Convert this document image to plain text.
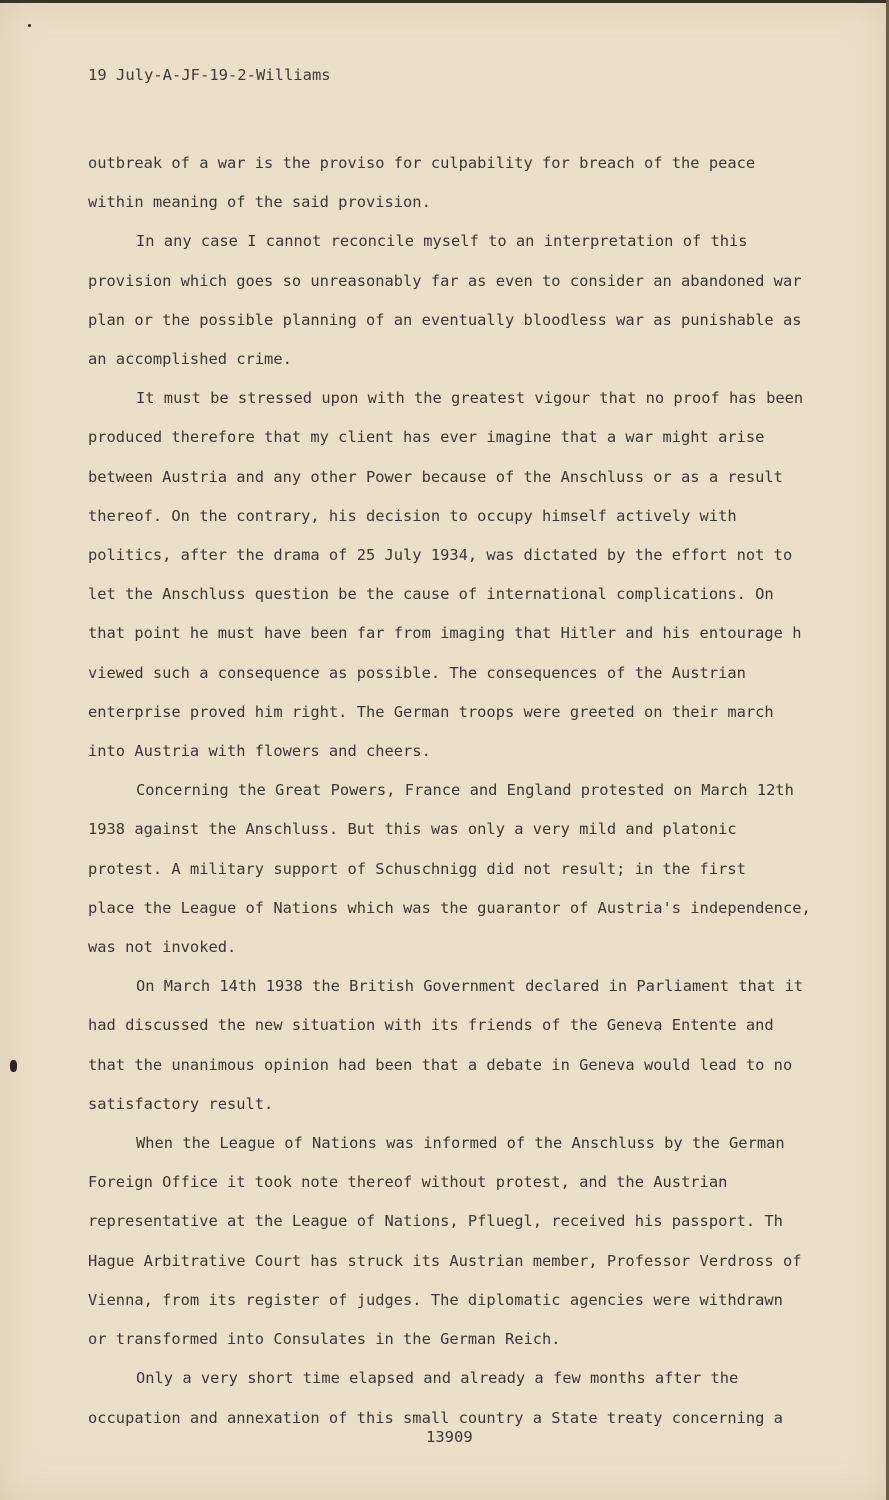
19 July-A-JF-19-2-Williams

outbreak of a war is the proviso for culpability for breach of the peace
within meaning of the said provision.

In any case I cannot reconcile myself to an interpretation of this
provision which goes so unreasonably far as even to consider an abandoned war
plan or the possible planning of an eventually bloodless war as punishable as
an accomplished crime.

It must be stressed upon with the greatest vigour that no proof has been
produced therefore that my client has ever imagine that a war might arise
between Austria and any other Power because of the Anschluss or as a result
thereof. On the contrary, his decision to occupy himself actively with
politics, after the drama of 25 July 1934, was dictated by the effort not to
let the Anschluss question be the cause of international complications. On
that point he must have been far from imaging that Hitler and his entourage h
viewed such a consequence as possible. The consequences of the Austrian
enterprise proved him right. The German troops were greeted on their march
into Austria with flowers and cheers.

Concerning the Great Powers, France and England protested on March 12th
1938 against the Anschluss. But this was only a very mild and platonic
protest. A military support of Schuschnigg did not result; in the first
place the League of Nations which was the guarantor of Austria's independence,
was not invoked.

On March 14th 1938 the British Government declared in Parliament that it
had discussed the new situation with its friends of the Geneva Entente and
that the unanimous opinion had been that a debate in Geneva would lead to no
satisfactory result.

When the League of Nations was informed of the Anschluss by the German
Foreign Office it took note thereof without protest, and the Austrian
representative at the League of Nations, Pfluegl, received his passport. Th
Hague Arbitrative Court has struck its Austrian member, Professor Verdross of
Vienna, from its register of judges. The diplomatic agencies were withdrawn
or transformed into Consulates in the German Reich.

Only a very short time elapsed and already a few months after the
occupation and annexation of this small country a State treaty concerning a

13909
